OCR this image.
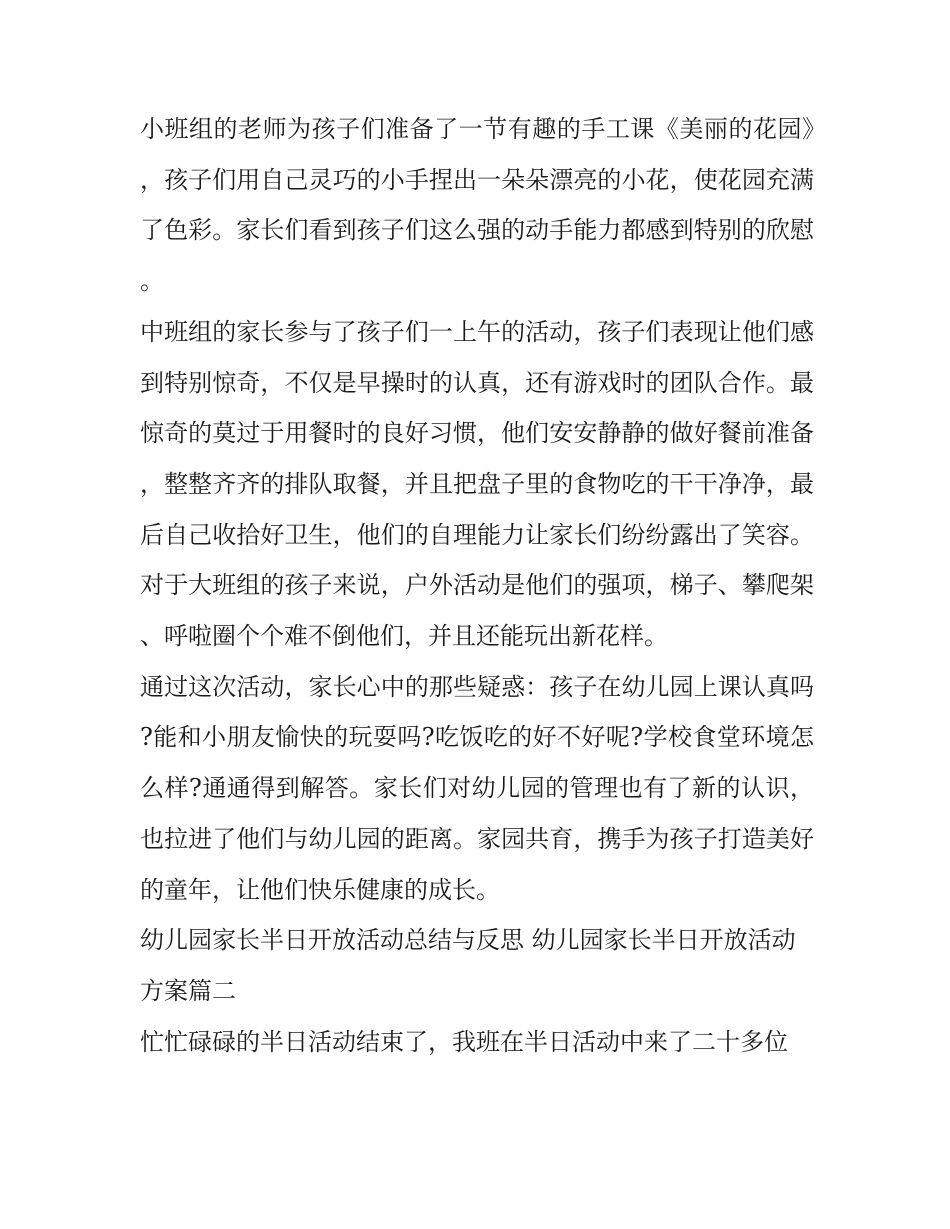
小班组的老师为孩子们准备了一节有趣的手工课《美丽的花园》，孩子们用自己灵巧的小手捏出一朵朵漂亮的小花，使花园充满了色彩。家长们看到孩子们这么强的动手能力都感到特别的欣慰。

中班组的家长参与了孩子们一上午的活动，孩子们表现让他们感到特别惊奇，不仅是早操时的认真，还有游戏时的团队合作。最惊奇的莫过于用餐时的良好习惯，他们安安静静的做好餐前准备，整整齐齐的排队取餐，并且把盘子里的食物吃的干干净净，最后自己收拾好卫生，他们的自理能力让家长们纷纷露出了笑容。对于大班组的孩子来说，户外活动是他们的强项，梯子、攀爬架、呼啦圈个个难不倒他们，并且还能玩出新花样。

通过这次活动，家长心中的那些疑惑：孩子在幼儿园上课认真吗?能和小朋友愉快的玩耍吗?吃饭吃的好不好呢?学校食堂环境怎么样?通通得到解答。家长们对幼儿园的管理也有了新的认识，也拉进了他们与幼儿园的距离。家园共育，携手为孩子打造美好的童年，让他们快乐健康的成长。

幼儿园家长半日开放活动总结与反思 幼儿园家长半日开放活动方案篇二

忙忙碌碌的半日活动结束了，我班在半日活动中来了二十多位
